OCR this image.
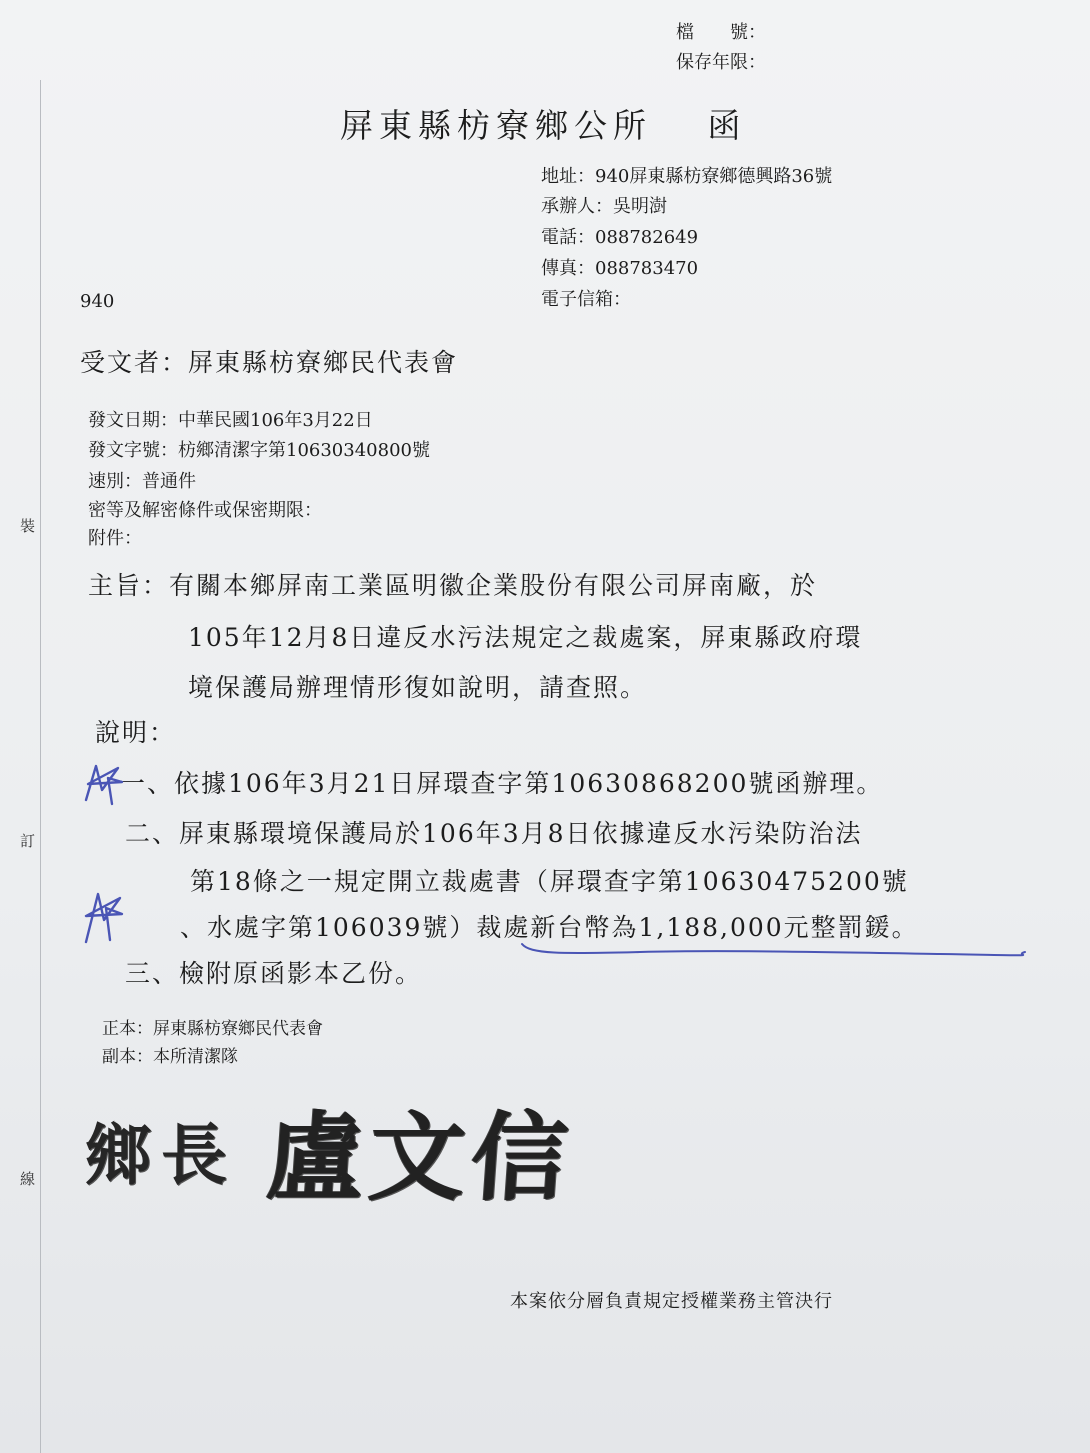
裝
訂
線
檔　　號：
保存年限：
屏東縣枋寮鄉公所　 函
地址：940屏東縣枋寮鄉德興路36號
承辦人：吳明澍
電話：088782649
傳真：088783470
電子信箱：
940
受文者：屏東縣枋寮鄉民代表會
發文日期：中華民國106年3月22日
發文字號：枋鄉清潔字第10630340800號
速別：普通件
密等及解密條件或保密期限：
附件：
主旨：有關本鄉屏南工業區明徽企業股份有限公司屏南廠，於
105年12月8日違反水污法規定之裁處案，屏東縣政府環
境保護局辦理情形復如說明，請查照。
說明：
一、依據106年3月21日屏環查字第10630868200號函辦理。
二、屏東縣環境保護局於106年3月8日依據違反水污染防治法
第18條之一規定開立裁處書（屏環查字第10630475200號
、水處字第106039號）裁處新台幣為1,188,000元整罰鍰。
三、檢附原函影本乙份。
正本：屏東縣枋寮鄉民代表會
副本：本所清潔隊
鄉長 盧文信
本案依分層負責規定授權業務主管決行
